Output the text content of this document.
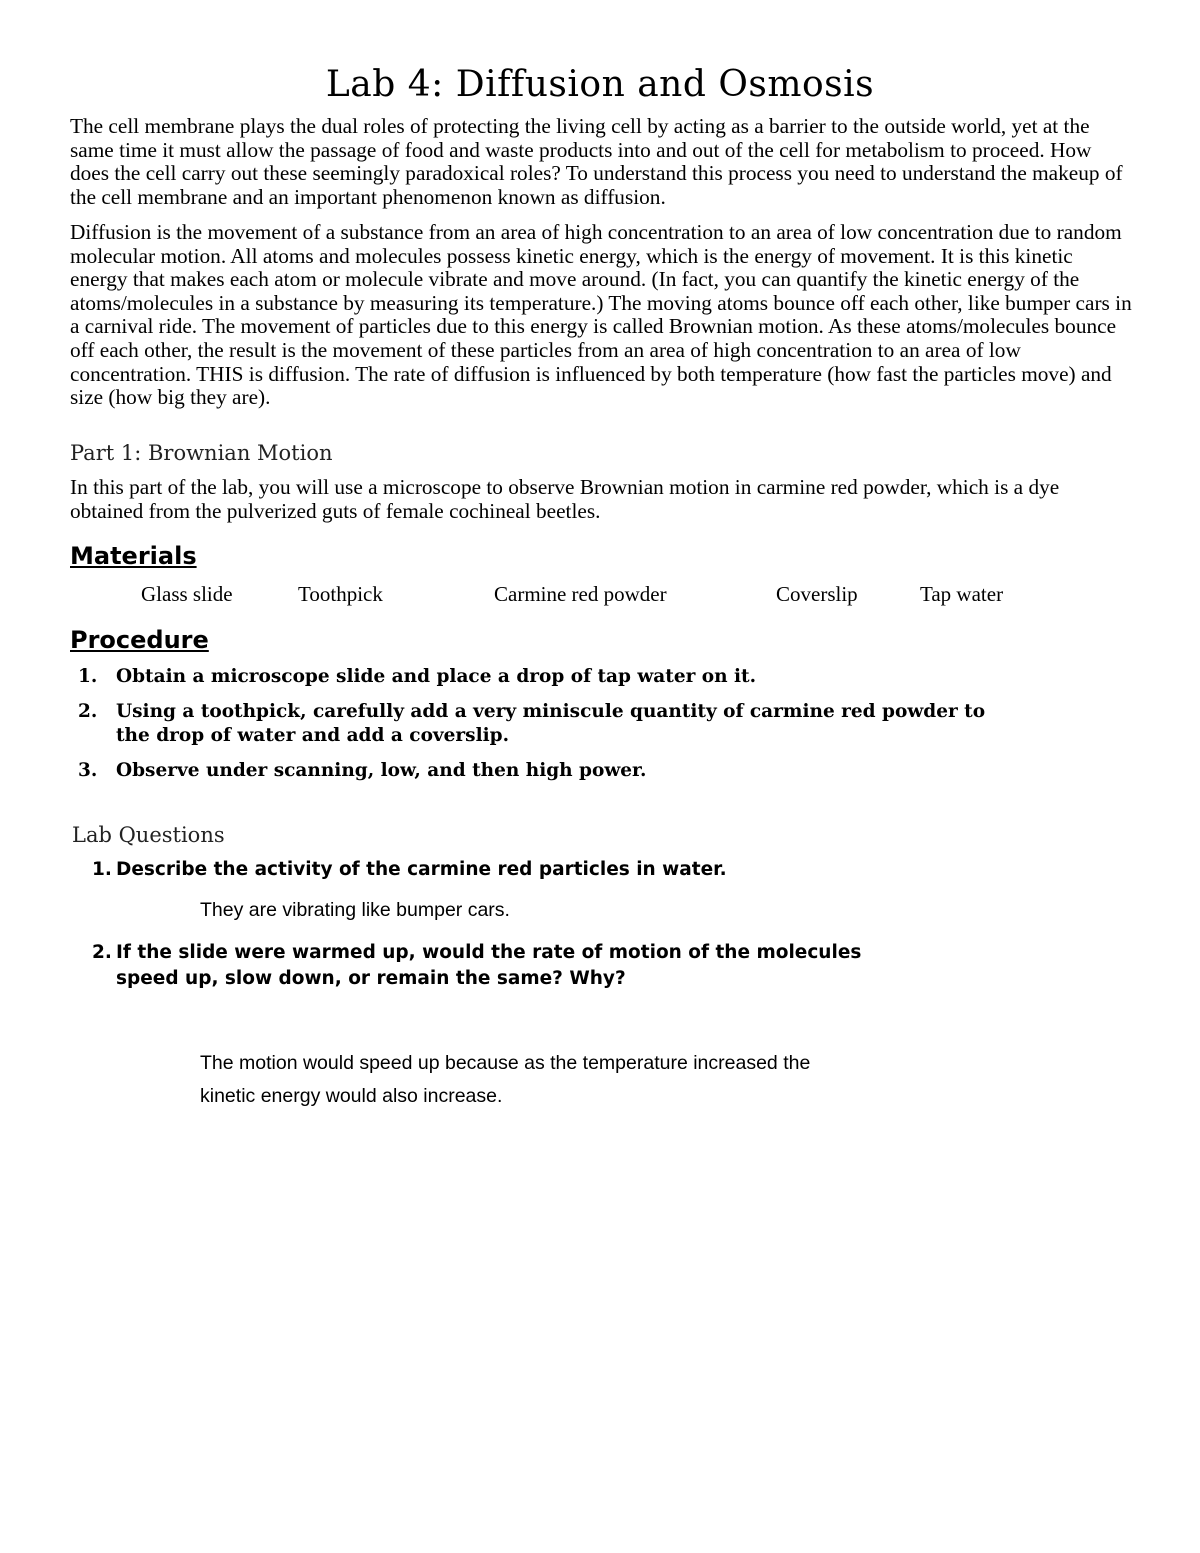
Lab 4: Diffusion and Osmosis

The cell membrane plays the dual roles of protecting the living cell by acting as a barrier to the outside world, yet at the same time it must allow the passage of food and waste products into and out of the cell for metabolism to proceed. How does the cell carry out these seemingly paradoxical roles? To understand this process you need to understand the makeup of the cell membrane and an important phenomenon known as diffusion.

Diffusion is the movement of a substance from an area of high concentration to an area of low concentration due to random molecular motion. All atoms and molecules possess kinetic energy, which is the energy of movement. It is this kinetic energy that makes each atom or molecule vibrate and move around. (In fact, you can quantify the kinetic energy of the atoms/molecules in a substance by measuring its temperature.) The moving atoms bounce off each other, like bumper cars in a carnival ride. The movement of particles due to this energy is called Brownian motion. As these atoms/molecules bounce off each other, the result is the movement of these particles from an area of high concentration to an area of low concentration. THIS is diffusion. The rate of diffusion is influenced by both temperature (how fast the particles move) and size (how big they are).

Part 1: Brownian Motion

In this part of the lab, you will use a microscope to observe Brownian motion in carmine red powder, which is a dye obtained from the pulverized guts of female cochineal beetles.

Materials
Glass slide	Toothpick	Carmine red powder	Coverslip	Tap water
Procedure
1. Obtain a microscope slide and place a drop of tap water on it.
2. Using a toothpick, carefully add a very miniscule quantity of carmine red powder to the drop of water and add a coverslip.
3. Observe under scanning, low, and then high power.
Lab Questions
1. Describe the activity of the carmine red particles in water.

They are vibrating like bumper cars.

2. If the slide were warmed up, would the rate of motion of the molecules speed up, slow down, or remain the same? Why?

The motion would speed up because as the temperature increased the kinetic energy would also increase.
